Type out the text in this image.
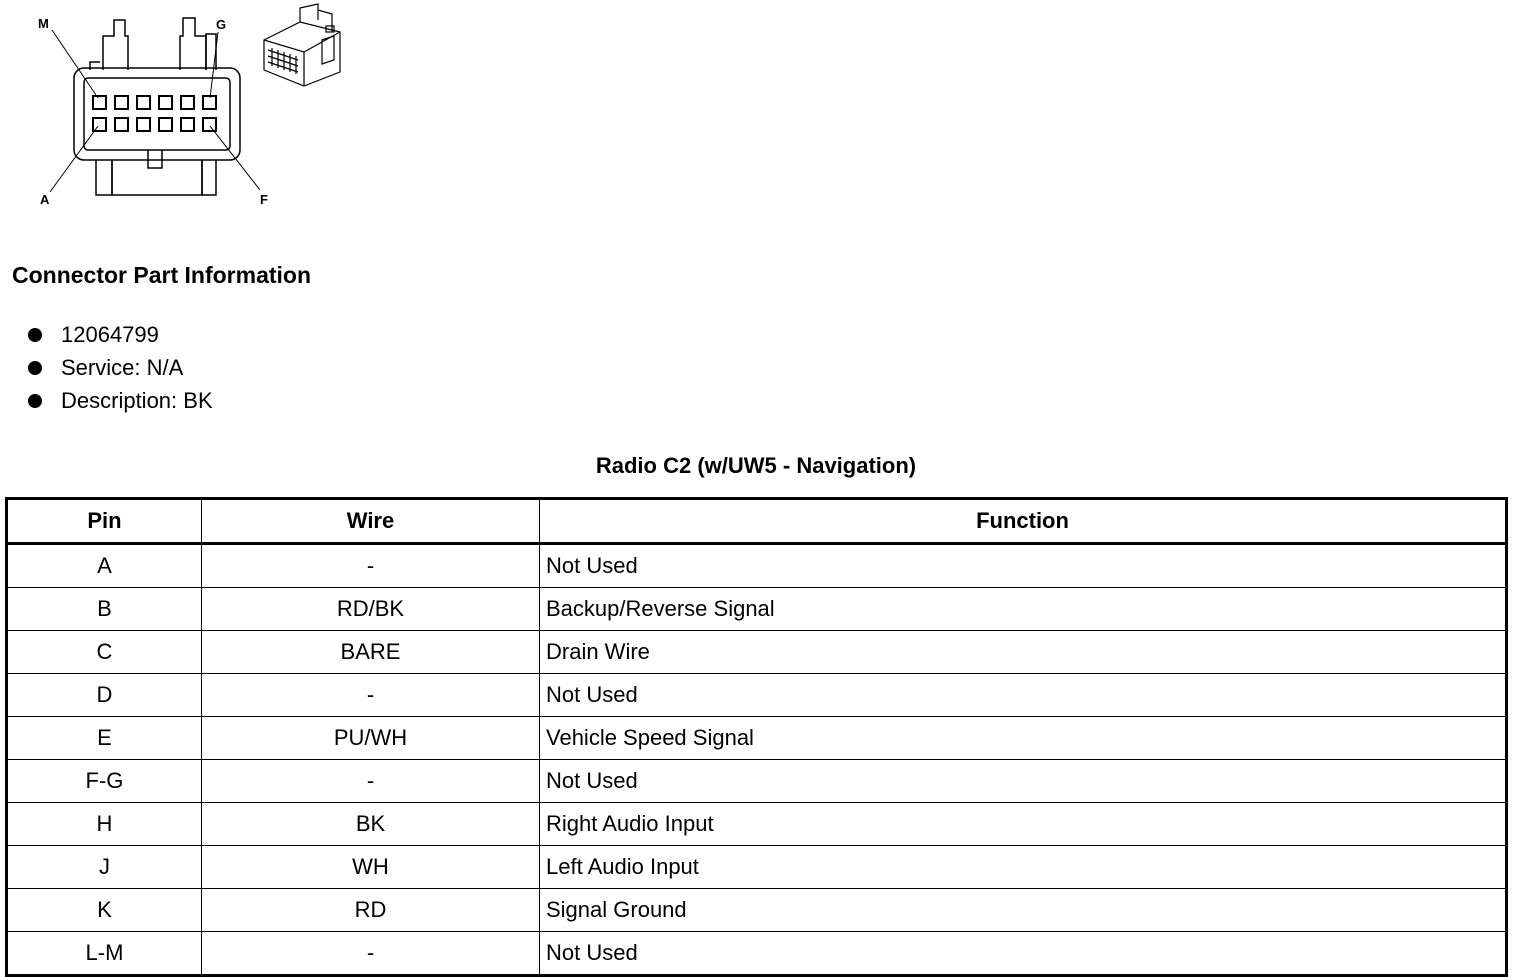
M	G
A	F
Connector Part Information
12064799
Service: N/A
Description: BK
Radio C2 (w/UW5 - Navigation)
Pin	Wire	Function
A	-	Not Used
B	RD/BK	Backup/Reverse Signal
C	BARE	Drain Wire
D	-	Not Used
E	PU/WH	Vehicle Speed Signal
F-G	-	Not Used
H	BK	Right Audio Input
J	WH	Left Audio Input
K	RD	Signal Ground
L-M	-	Not Used
